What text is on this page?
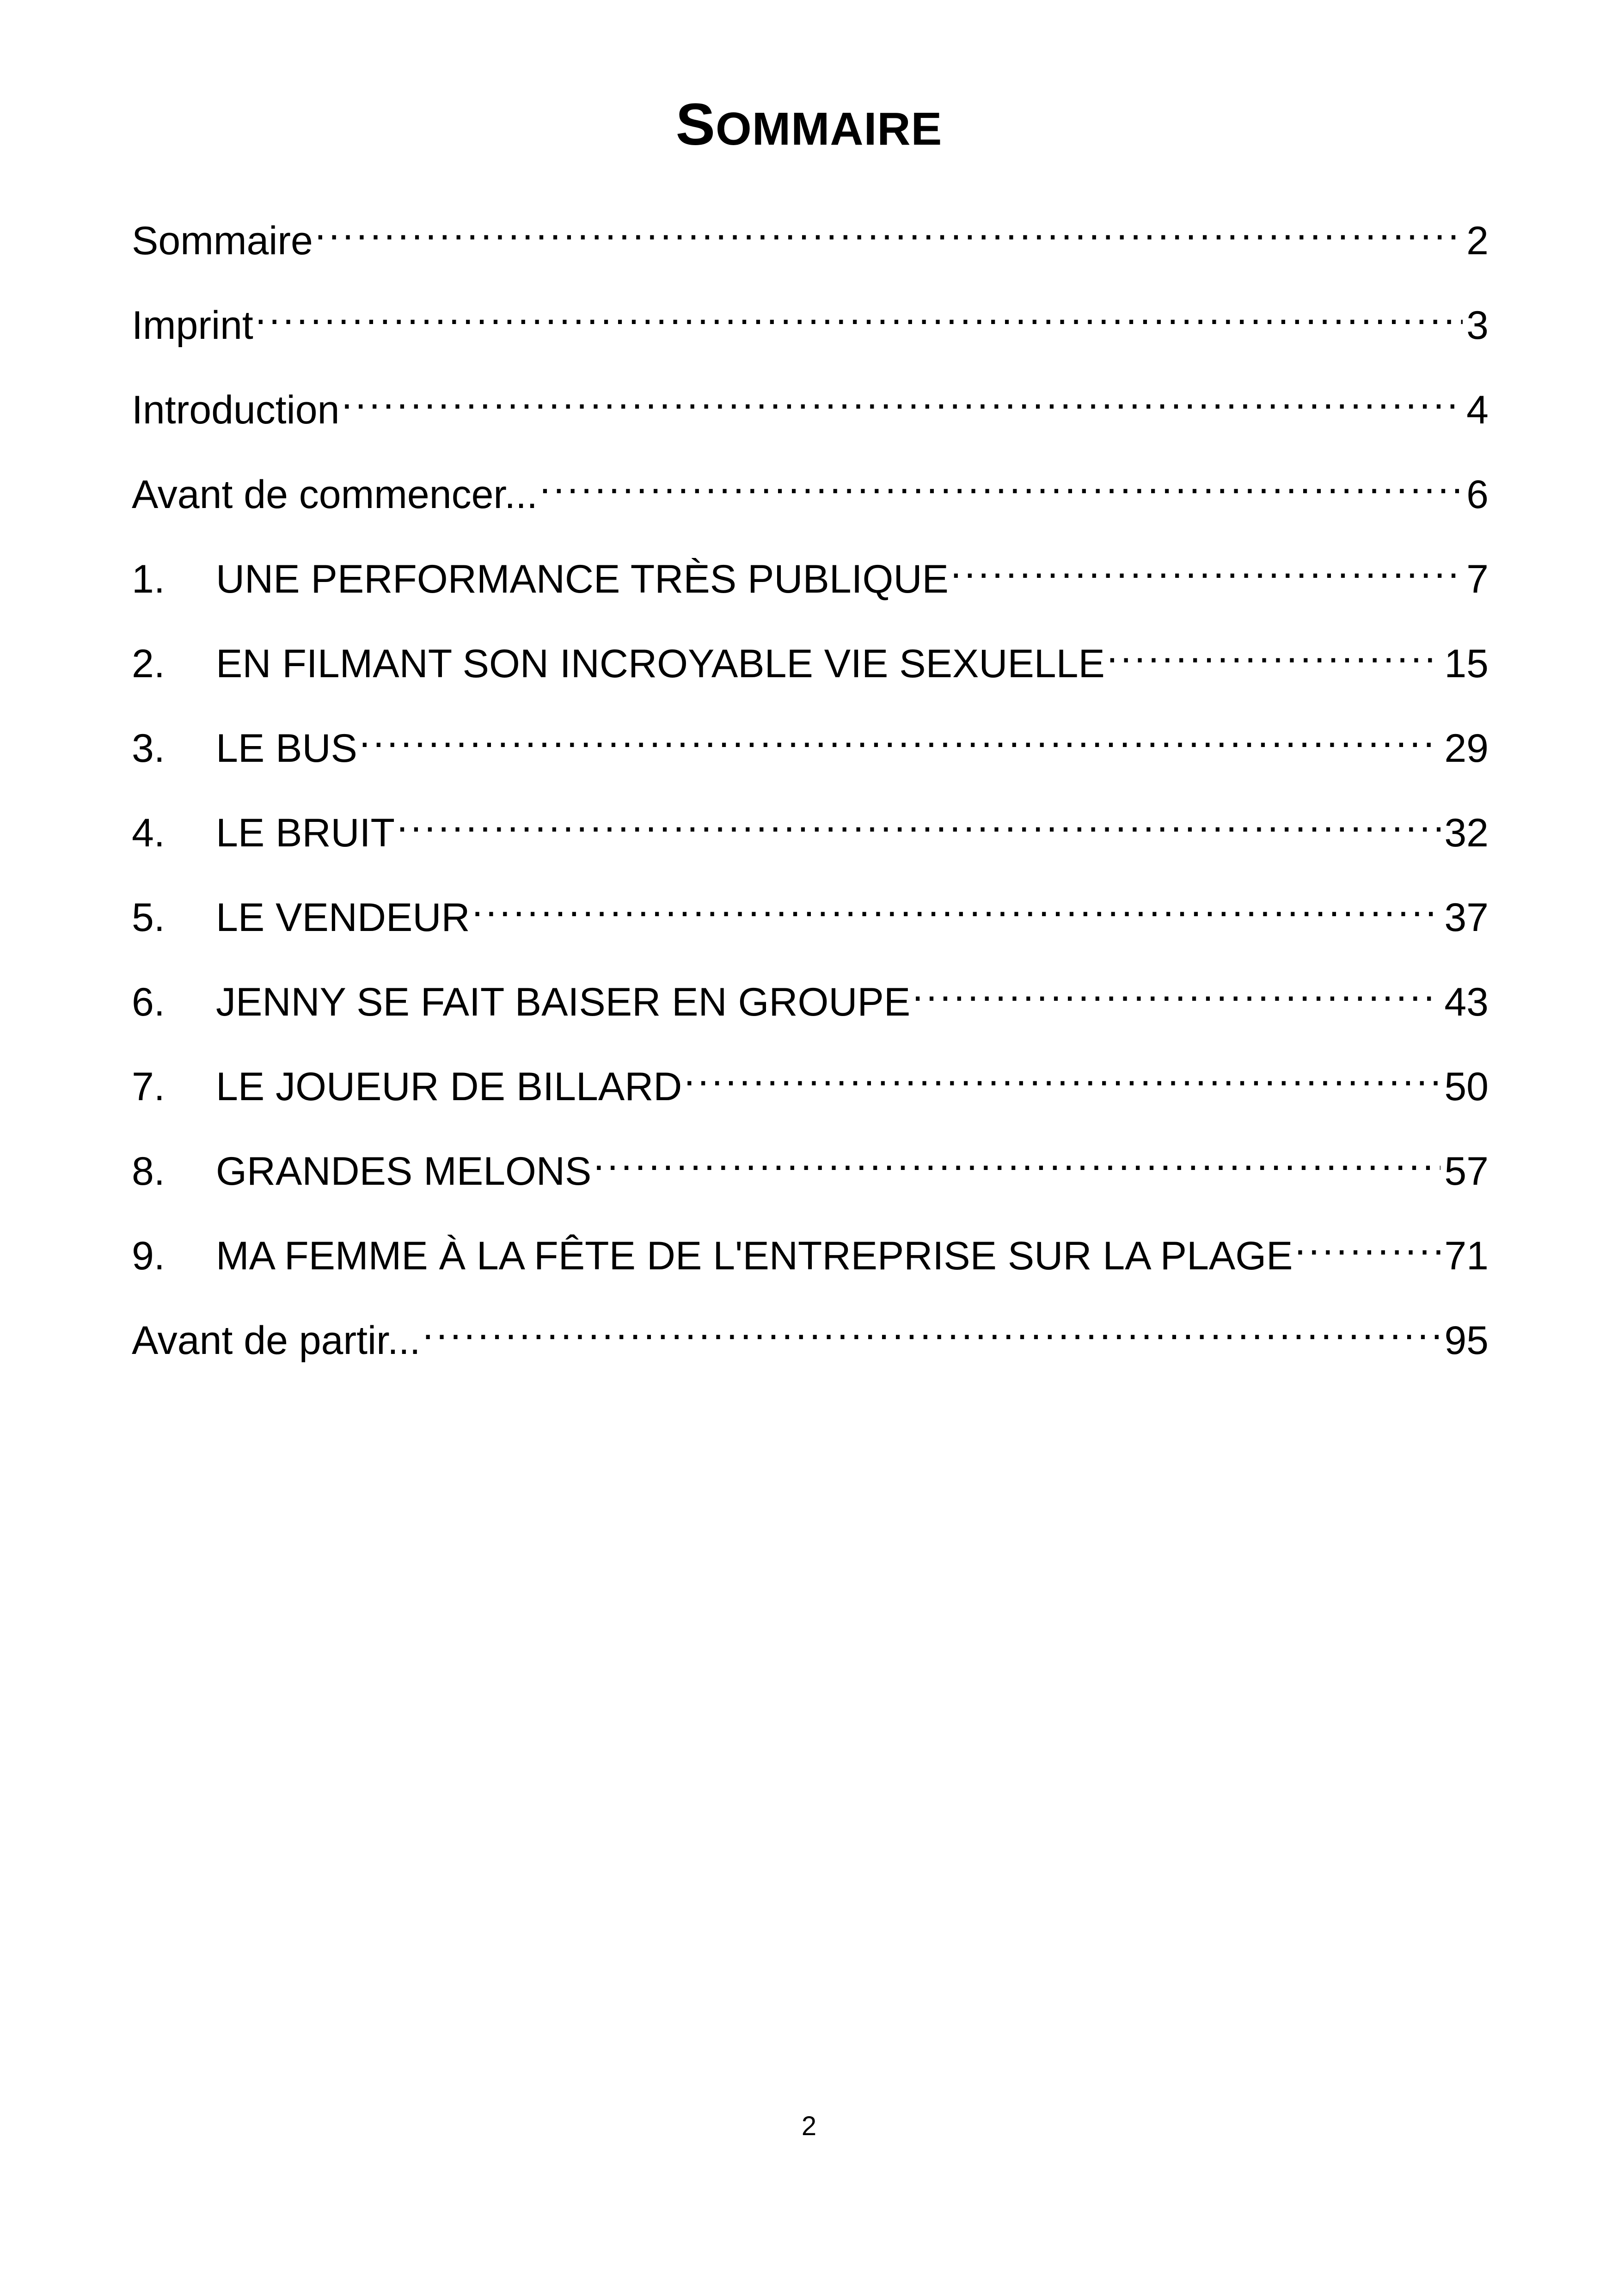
SOMMAIRE
Sommaire .....	2
Imprint .....	3
Introduction .....	4
Avant de commencer... .....	6
1.	UNE PERFORMANCE TRÈS PUBLIQUE .....	7
2.	EN FILMANT SON INCROYABLE VIE SEXUELLE .....	15
3.	LE BUS .....	29
4.	LE BRUIT .....	32
5.	LE VENDEUR .....	37
6.	JENNY SE FAIT BAISER EN GROUPE .....	43
7.	LE JOUEUR DE BILLARD .....	50
8.	GRANDES MELONS .....	57
9.	MA FEMME À LA FÊTE DE L'ENTREPRISE SUR LA PLAGE .....	71
Avant de partir... .....	95
2
